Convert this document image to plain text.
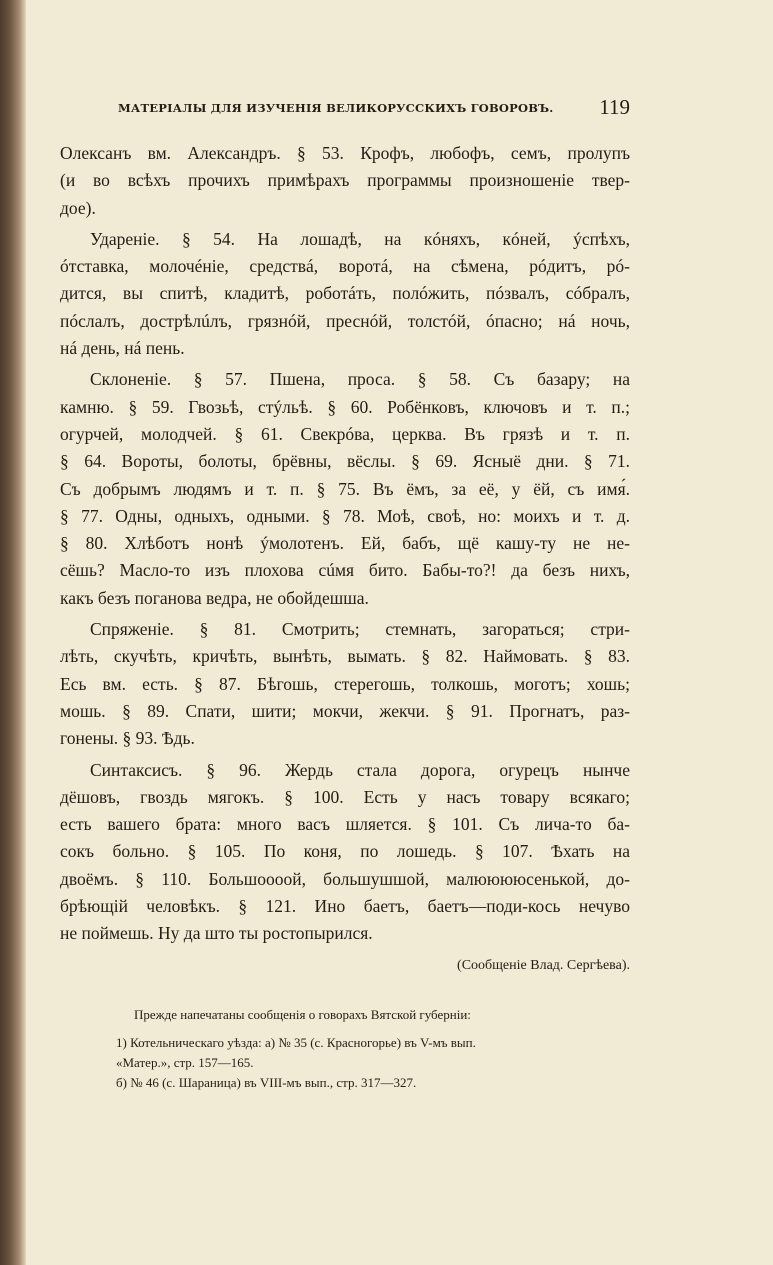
МАТЕРІАЛЫ ДЛЯ ИЗУЧЕНІЯ ВЕЛИКОРУССКИХЪ ГОВОРОВЪ. 119
Олексанъ вм. Александръ. § 53. Крофъ, любофъ, семъ, пролупъ
(и во всѣхъ прочихъ примѣрахъ программы произношеніе твер-
дое).
Удареніе. § 54. На лошадѣ, на кóняхъ, кóней, ýспѣхъ,
óтставка, молочéніе, средствá, воротá, на сѣмена, рóдитъ, рó-
дится, вы спитѣ, кладитѣ, роботáть, полóжить, пóзвалъ, сóбралъ,
пóслалъ, дострѣлúлъ, грязнóй, преснóй, толстóй, óпасно; нá ночь,
нá день, нá пень.
Склоненіе. § 57. Пшена, проса. § 58. Съ базару; на
камню. § 59. Гвозьѣ, стýльѣ. § 60. Робёнковъ, ключовъ и т. п.;
огурчей, молодчей. § 61. Свекрóва, церква. Въ грязѣ и т. п.
§ 64. Вороты, болоты, брёвны, вёслы. § 69. Ясныё дни. § 71.
Съ добрымъ людямъ и т. п. § 75. Въ ёмъ, за её, у ёй, съ имя́.
§ 77. Одны, одныхъ, одными. § 78. Моѣ, своѣ, но: моихъ и т. д.
§ 80. Хлѣботъ нонѣ ýмолотенъ. Ей, бабъ, щё кашу-ту не не-
сёшь? Масло-то изъ плохова сúмя бито. Бабы-то?! да безъ нихъ,
какъ безъ поганова ведра, не обойдешша.
Спряженіе. § 81. Смотрить; стемнать, загораться; стри-
лѣть, скучѣть, кричѣть, вынѣть, вымать. § 82. Наймовать. § 83.
Есь вм. есть. § 87. Бѣгошь, стерегошь, толкошь, моготъ; хошь;
мошь. § 89. Спати, шити; мокчи, жекчи. § 91. Прогнатъ, раз-
гонены. § 93. Ѣдь.
Синтаксисъ. § 96. Жердь стала дорога, огурецъ нынче
дёшовъ, гвоздь мягокъ. § 100. Есть у насъ товару всякаго;
есть вашего брата: много васъ шляется. § 101. Съ лича-то ба-
сокъ больно. § 105. По коня, по лошедь. § 107. Ѣхать на
двоёмъ. § 110. Большоооой, большушшой, малююююсенькой, до-
брѣющій человѣкъ. § 121. Ино баетъ, баетъ—поди-кось нечуво
не поймешь. Ну да што ты ростопырился.
(Сообщеніе Влад. Сергѣева).
Прежде напечатаны сообщенія о говорахъ Вятской губерніи:
1) Котельническаго уѣзда: а) № 35 (с. Красногорье) въ V-мъ вып.
«Матер.», стр. 157—165.
б) № 46 (с. Шараница) въ VIII-мъ вып., стр. 317—327.
